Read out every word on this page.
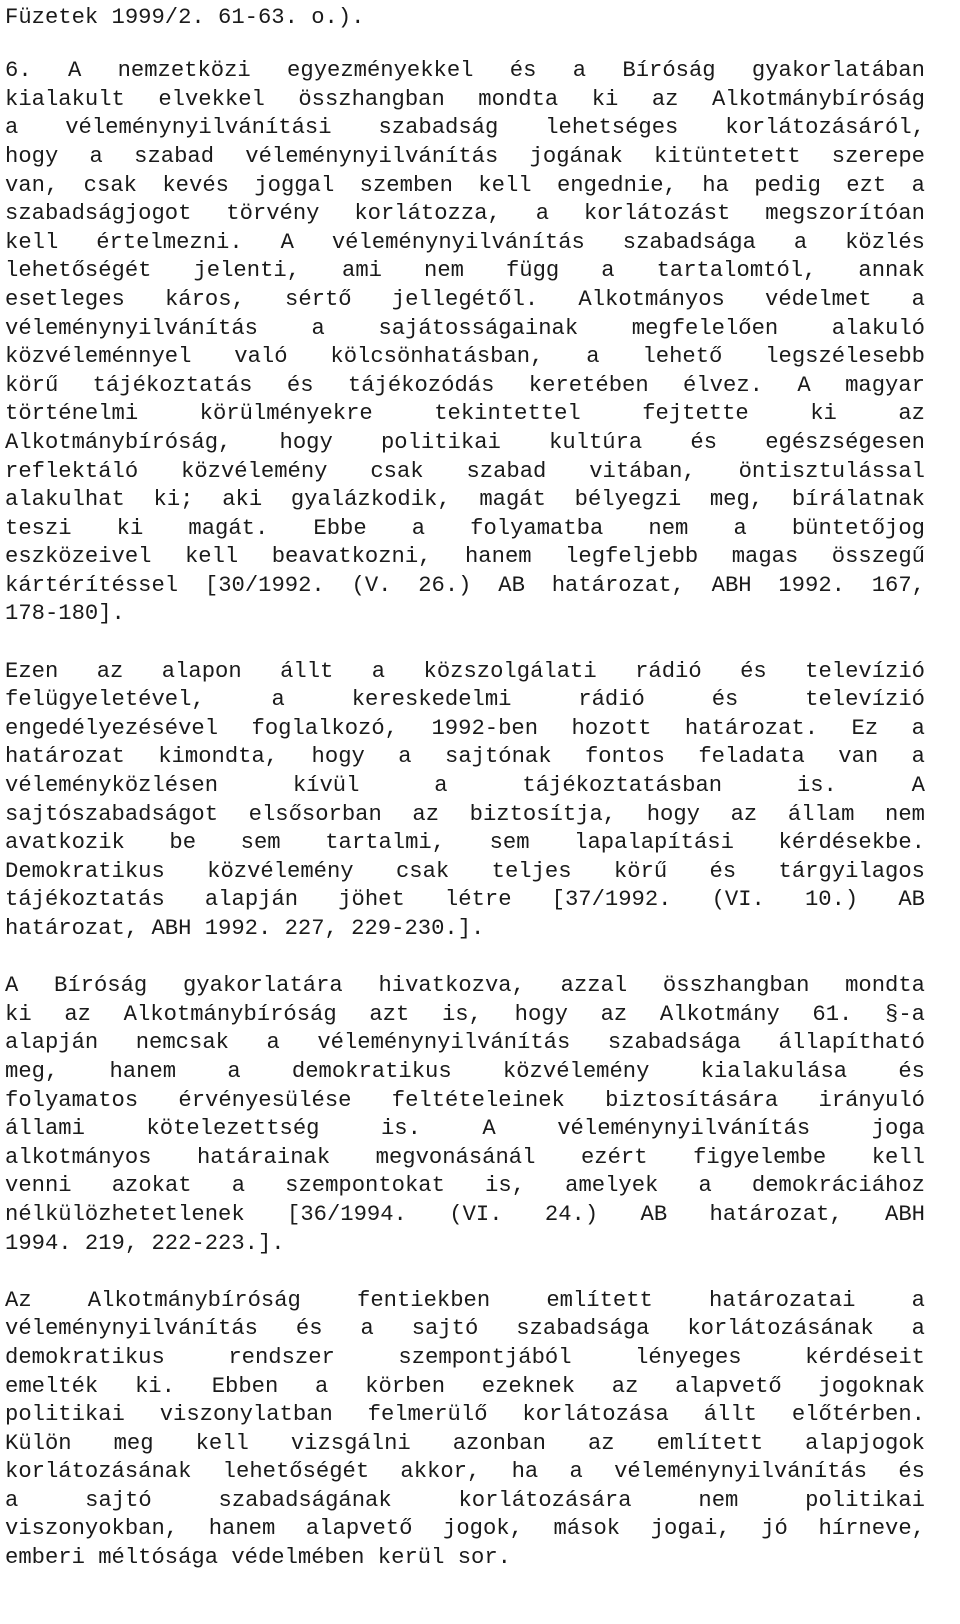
Füzetek 1999/2. 61-63. o.).

6. A nemzetközi egyezményekkel és a Bíróság gyakorlatában
kialakult elvekkel összhangban mondta ki az Alkotmánybíróság
a véleménynyilvánítási szabadság lehetséges korlátozásáról,
hogy a szabad véleménynyilvánítás jogának kitüntetett szerepe
van, csak kevés joggal szemben kell engednie, ha pedig ezt a
szabadságjogot törvény korlátozza, a korlátozást megszorítóan
kell értelmezni. A véleménynyilvánítás szabadsága a közlés
lehetőségét jelenti, ami nem függ a tartalomtól, annak
esetleges káros, sértő jellegétől. Alkotmányos védelmet a
véleménynyilvánítás a sajátosságainak megfelelően alakuló
közvéleménnyel való kölcsönhatásban, a lehető legszélesebb
körű tájékoztatás és tájékozódás keretében élvez. A magyar
történelmi körülményekre tekintettel fejtette ki az
Alkotmánybíróság, hogy politikai kultúra és egészségesen
reflektáló közvélemény csak szabad vitában, öntisztulással
alakulhat ki; aki gyalázkodik, magát bélyegzi meg, bírálatnak
teszi ki magát. Ebbe a folyamatba nem a büntetőjog
eszközeivel kell beavatkozni, hanem legfeljebb magas összegű
kártérítéssel [30/1992. (V. 26.) AB határozat, ABH 1992. 167,
178-180].
Ezen az alapon állt a közszolgálati rádió és televízió
felügyeletével, a kereskedelmi rádió és televízió
engedélyezésével foglalkozó, 1992-ben hozott határozat. Ez a
határozat kimondta, hogy a sajtónak fontos feladata van a
véleményközlésen kívül a tájékoztatásban is. A
sajtószabadságot elsősorban az biztosítja, hogy az állam nem
avatkozik be sem tartalmi, sem lapalapítási kérdésekbe.
Demokratikus közvélemény csak teljes körű és tárgyilagos
tájékoztatás alapján jöhet létre [37/1992. (VI. 10.) AB
határozat, ABH 1992. 227, 229-230.].
A Bíróság gyakorlatára hivatkozva, azzal összhangban mondta
ki az Alkotmánybíróság azt is, hogy az Alkotmány 61. §-a
alapján nemcsak a véleménynyilvánítás szabadsága állapítható
meg, hanem a demokratikus közvélemény kialakulása és
folyamatos érvényesülése feltételeinek biztosítására irányuló
állami kötelezettség is. A véleménynyilvánítás joga
alkotmányos határainak megvonásánál ezért figyelembe kell
venni azokat a szempontokat is, amelyek a demokráciához
nélkülözhetetlenek [36/1994. (VI. 24.) AB határozat, ABH
1994. 219, 222-223.].
Az Alkotmánybíróság fentiekben említett határozatai a
véleménynyilvánítás és a sajtó szabadsága korlátozásának a
demokratikus rendszer szempontjából lényeges kérdéseit
emelték ki. Ebben a körben ezeknek az alapvető jogoknak
politikai viszonylatban felmerülő korlátozása állt előtérben.
Külön meg kell vizsgálni azonban az említett alapjogok
korlátozásának lehetőségét akkor, ha a véleménynyilvánítás és
a sajtó szabadságának korlátozására nem politikai
viszonyokban, hanem alapvető jogok, mások jogai, jó hírneve,
emberi méltósága védelmében kerül sor.
